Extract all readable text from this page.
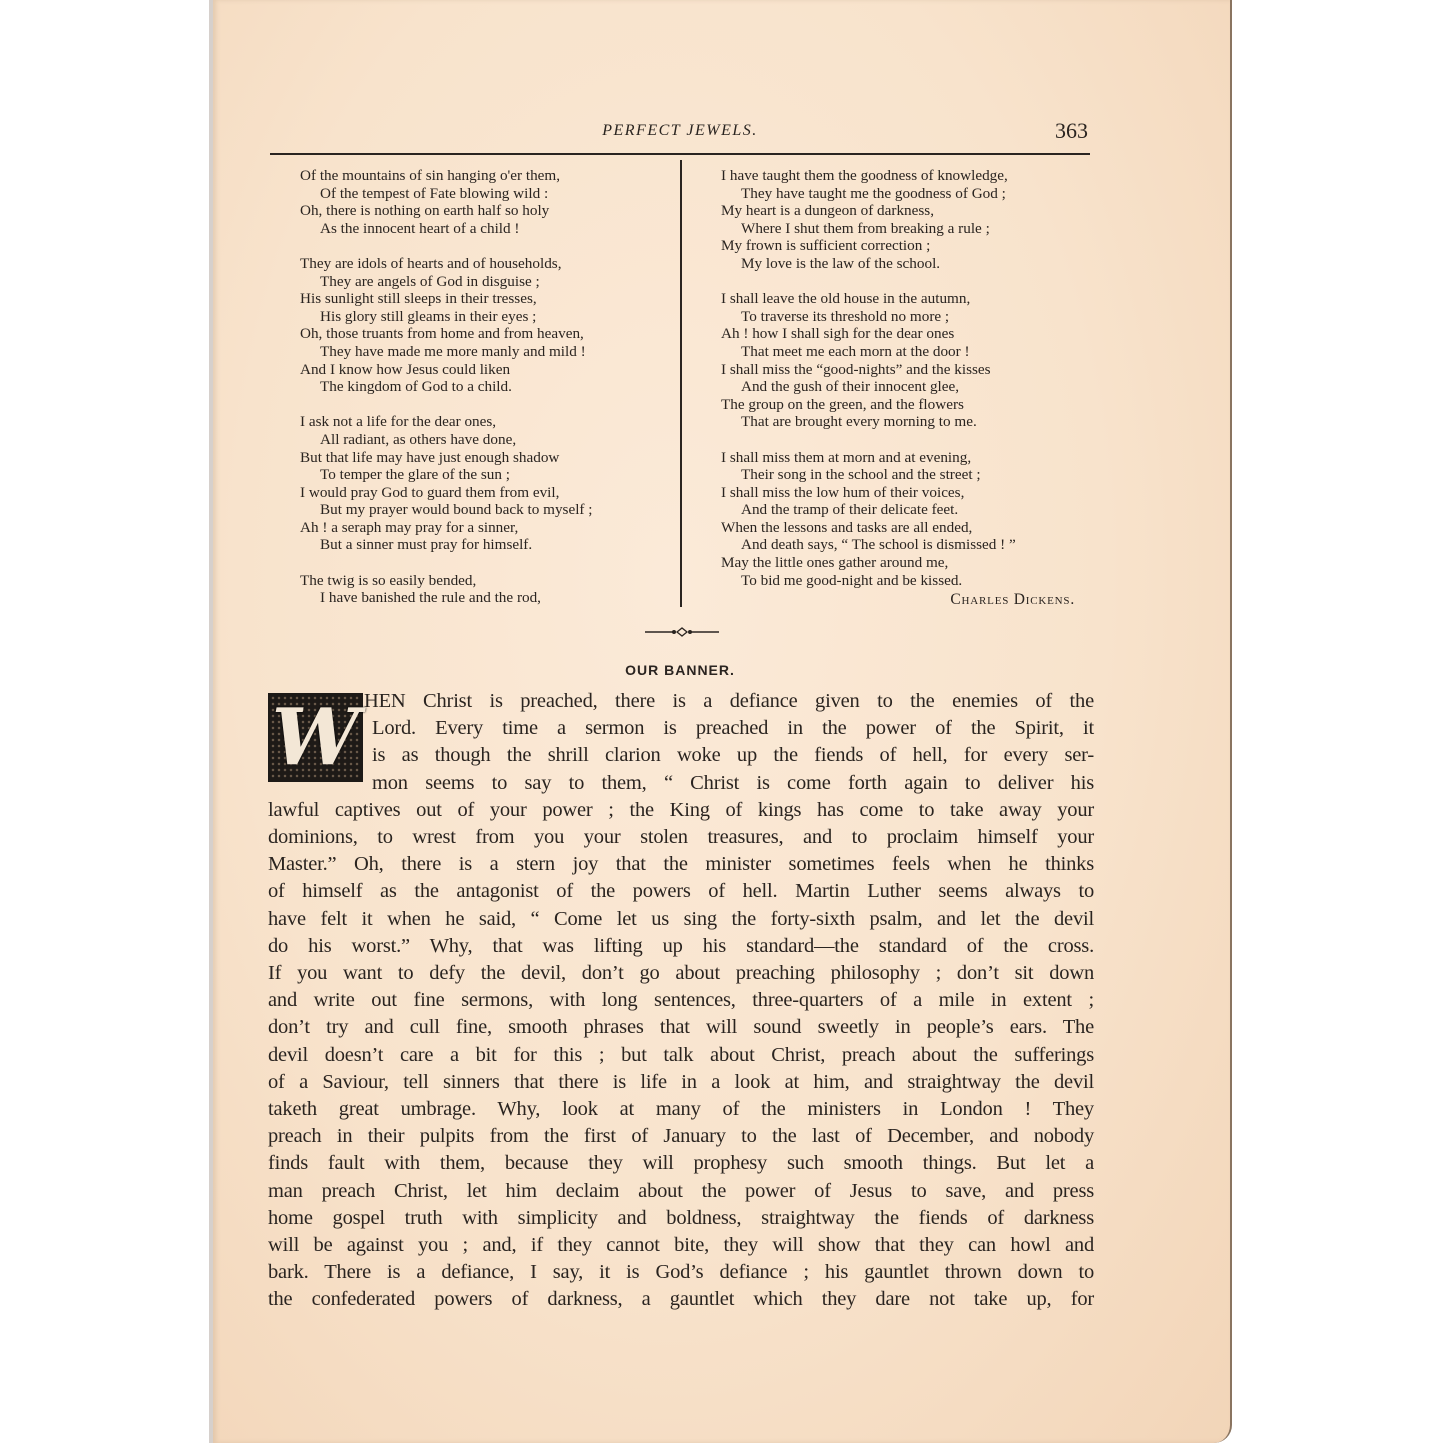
PERFECT JEWELS.	363
Of the mountains of sin hanging o'er them,
Of the tempest of Fate blowing wild :
Oh, there is nothing on earth half so holy
As the innocent heart of a child !
They are idols of hearts and of households,
They are angels of God in disguise ;
His sunlight still sleeps in their tresses,
His glory still gleams in their eyes ;
Oh, those truants from home and from heaven,
They have made me more manly and mild !
And I know how Jesus could liken
The kingdom of God to a child.
I ask not a life for the dear ones,
All radiant, as others have done,
But that life may have just enough shadow
To temper the glare of the sun ;
I would pray God to guard them from evil,
But my prayer would bound back to myself ;
Ah ! a seraph may pray for a sinner,
But a sinner must pray for himself.
The twig is so easily bended,
I have banished the rule and the rod,
I have taught them the goodness of knowledge,
They have taught me the goodness of God ;
My heart is a dungeon of darkness,
Where I shut them from breaking a rule ;
My frown is sufficient correction ;
My love is the law of the school.
I shall leave the old house in the autumn,
To traverse its threshold no more ;
Ah ! how I shall sigh for the dear ones
That meet me each morn at the door !
I shall miss the “good-nights” and the kisses
And the gush of their innocent glee,
The group on the green, and the flowers
That are brought every morning to me.
I shall miss them at morn and at evening,
Their song in the school and the street ;
I shall miss the low hum of their voices,
And the tramp of their delicate feet.
When the lessons and tasks are all ended,
And death says, “ The school is dismissed ! ”
May the little ones gather around me,
To bid me good-night and be kissed.
Charles Dickens.
OUR BANNER.
W HEN Christ is preached, there is a defiance given to the enemies of the
Lord. Every time a sermon is preached in the power of the Spirit, it
is as though the shrill clarion woke up the fiends of hell, for every ser-
mon seems to say to them, “ Christ is come forth again to deliver his
lawful captives out of your power ; the King of kings has come to take away your
dominions, to wrest from you your stolen treasures, and to proclaim himself your
Master.” Oh, there is a stern joy that the minister sometimes feels when he thinks
of himself as the antagonist of the powers of hell. Martin Luther seems always to
have felt it when he said, “ Come let us sing the forty-sixth psalm, and let the devil
do his worst.” Why, that was lifting up his standard—the standard of the cross.
If you want to defy the devil, don’t go about preaching philosophy ; don’t sit down
and write out fine sermons, with long sentences, three-quarters of a mile in extent ;
don’t try and cull fine, smooth phrases that will sound sweetly in people’s ears. The
devil doesn’t care a bit for this ; but talk about Christ, preach about the sufferings
of a Saviour, tell sinners that there is life in a look at him, and straightway the devil
taketh great umbrage. Why, look at many of the ministers in London ! They
preach in their pulpits from the first of January to the last of December, and nobody
finds fault with them, because they will prophesy such smooth things. But let a
man preach Christ, let him declaim about the power of Jesus to save, and press
home gospel truth with simplicity and boldness, straightway the fiends of darkness
will be against you ; and, if they cannot bite, they will show that they can howl and
bark. There is a defiance, I say, it is God’s defiance ; his gauntlet thrown down to
the confederated powers of darkness, a gauntlet which they dare not take up, for
